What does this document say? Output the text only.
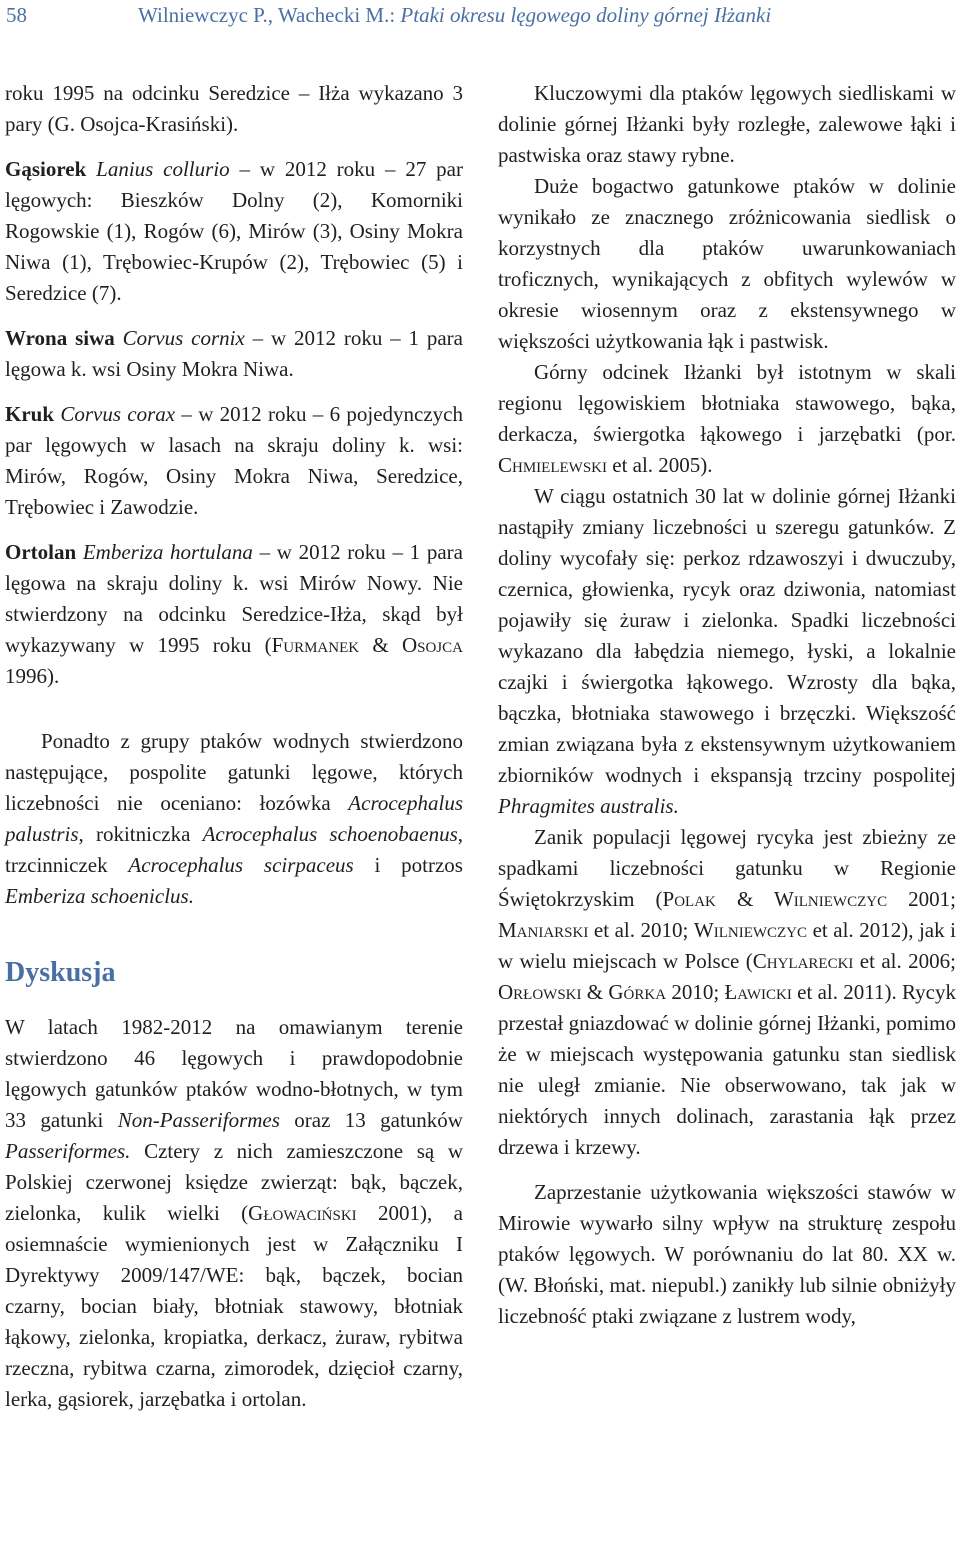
58	Wilniewczyc P., Wachecki M.: Ptaki okresu lęgowego doliny górnej Iłżanki

roku 1995 na odcinku Seredzice – Iłża wykazano 3 pary (G. Osojca-Krasiński).

Gąsiorek Lanius collurio – w 2012 roku – 27 par lęgowych: Bieszków Dolny (2), Komorniki Rogowskie (1), Rogów (6), Mirów (3), Osiny Mokra Niwa (1), Trębowiec-Krupów (2), Trębowiec (5) i Seredzice (7).

Wrona siwa Corvus cornix – w 2012 roku – 1 para lęgowa k. wsi Osiny Mokra Niwa.

Kruk Corvus corax – w 2012 roku – 6 pojedynczych par lęgowych w lasach na skraju doliny k. wsi: Mirów, Rogów, Osiny Mokra Niwa, Seredzice, Trębowiec i Zawodzie.

Ortolan Emberiza hortulana – w 2012 roku – 1 para lęgowa na skraju doliny k. wsi Mirów Nowy. Nie stwierdzony na odcinku Seredzice-Iłża, skąd był wykazywany w 1995 roku (Furmanek & Osojca 1996).

Ponadto z grupy ptaków wodnych stwierdzono następujące, pospolite gatunki lęgowe, których liczebności nie oceniano: łozówka Acrocephalus palustris, rokitniczka Acrocephalus schoenobaenus, trzcinniczek Acrocephalus scirpaceus i potrzos Emberiza schoeniclus.

Dyskusja

W latach 1982-2012 na omawianym terenie stwierdzono 46 lęgowych i prawdopodobnie lęgowych gatunków ptaków wodno-błotnych, w tym 33 gatunki Non-Passeriformes oraz 13 gatunków Passeriformes. Cztery z nich zamieszczone są w Polskiej czerwonej księdze zwierząt: bąk, bączek, zielonka, kulik wielki (Głowaciński 2001), a osiemnaście wymienionych jest w Załączniku I Dyrektywy 2009/147/WE: bąk, bączek, bocian czarny, bocian biały, błotniak stawowy, błotniak łąkowy, zielonka, kropiatka, derkacz, żuraw, rybitwa rzeczna, rybitwa czarna, zimorodek, dzięcioł czarny, lerka, gąsiorek, jarzębatka i ortolan.

Kluczowymi dla ptaków lęgowych siedliskami w dolinie górnej Iłżanki były rozległe, zalewowe łąki i pastwiska oraz stawy rybne.

Duże bogactwo gatunkowe ptaków w dolinie wynikało ze znacznego zróżnicowania siedlisk o korzystnych dla ptaków uwarunkowaniach troficznych, wynikających z obfitych wylewów w okresie wiosennym oraz z ekstensywnego w większości użytkowania łąk i pastwisk.

Górny odcinek Iłżanki był istotnym w skali regionu lęgowiskiem błotniaka stawowego, bąka, derkacza, świergotka łąkowego i jarzębatki (por. Chmielewski et al. 2005).

W ciągu ostatnich 30 lat w dolinie górnej Iłżanki nastąpiły zmiany liczebności u szeregu gatunków. Z doliny wycofały się: perkoz rdzawoszyi i dwuczuby, czernica, głowienka, rycyk oraz dziwonia, natomiast pojawiły się żuraw i zielonka. Spadki liczebności wykazano dla łabędzia niemego, łyski, a lokalnie czajki i świergotka łąkowego. Wzrosty dla bąka, bączka, błotniaka stawowego i brzęczki. Większość zmian związana była z ekstensywnym użytkowaniem zbiorników wodnych i ekspansją trzciny pospolitej Phragmites australis.

Zanik populacji lęgowej rycyka jest zbieżny ze spadkami liczebności gatunku w Regionie Świętokrzyskim (Polak & Wilniewczyc 2001; Maniarski et al. 2010; Wilniewczyc et al. 2012), jak i w wielu miejscach w Polsce (Chylarecki et al. 2006; Orłowski & Górka 2010; Ławicki et al. 2011). Rycyk przestał gniazdować w dolinie górnej Iłżanki, pomimo że w miejscach występowania gatunku stan siedlisk nie uległ zmianie. Nie obserwowano, tak jak w niektórych innych dolinach, zarastania łąk przez drzewa i krzewy.

Zaprzestanie użytkowania większości stawów w Mirowie wywarło silny wpływ na strukturę zespołu ptaków lęgowych. W porównaniu do lat 80. XX w. (W. Błoński, mat. niepubl.) zanikły lub silnie obniżyły liczebność ptaki związane z lustrem wody,
